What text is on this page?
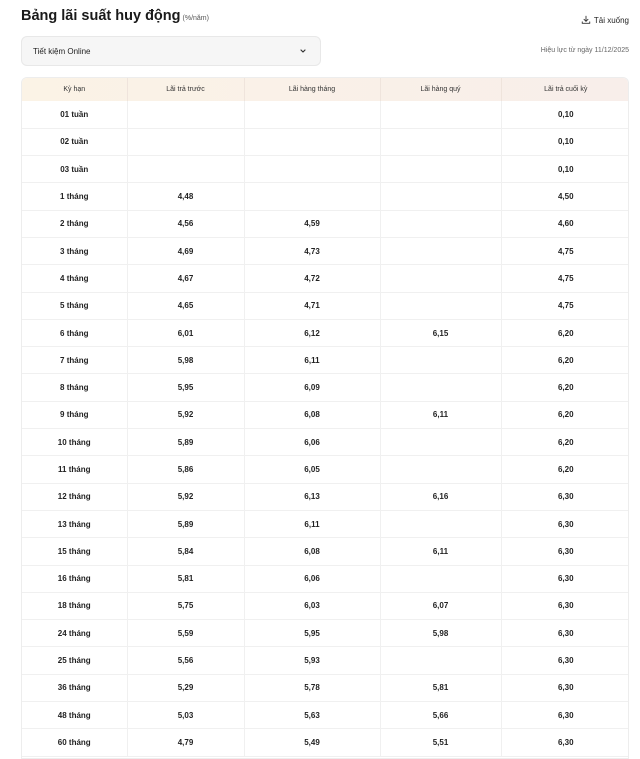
Bảng lãi suất huy động (%/năm)	Tải xuống
Tiết kiệm Online	Hiệu lực từ ngày 11/12/2025
Kỳ hạn	Lãi trả trước	Lãi hàng tháng	Lãi hàng quý	Lãi trả cuối kỳ
01 tuần				0,10
02 tuần				0,10
03 tuần				0,10
1 tháng	4,48			4,50
2 tháng	4,56	4,59		4,60
3 tháng	4,69	4,73		4,75
4 tháng	4,67	4,72		4,75
5 tháng	4,65	4,71		4,75
6 tháng	6,01	6,12	6,15	6,20
7 tháng	5,98	6,11		6,20
8 tháng	5,95	6,09		6,20
9 tháng	5,92	6,08	6,11	6,20
10 tháng	5,89	6,06		6,20
11 tháng	5,86	6,05		6,20
12 tháng	5,92	6,13	6,16	6,30
13 tháng	5,89	6,11		6,30
15 tháng	5,84	6,08	6,11	6,30
16 tháng	5,81	6,06		6,30
18 tháng	5,75	6,03	6,07	6,30
24 tháng	5,59	5,95	5,98	6,30
25 tháng	5,56	5,93		6,30
36 tháng	5,29	5,78	5,81	6,30
48 tháng	5,03	5,63	5,66	6,30
60 tháng	4,79	5,49	5,51	6,30
